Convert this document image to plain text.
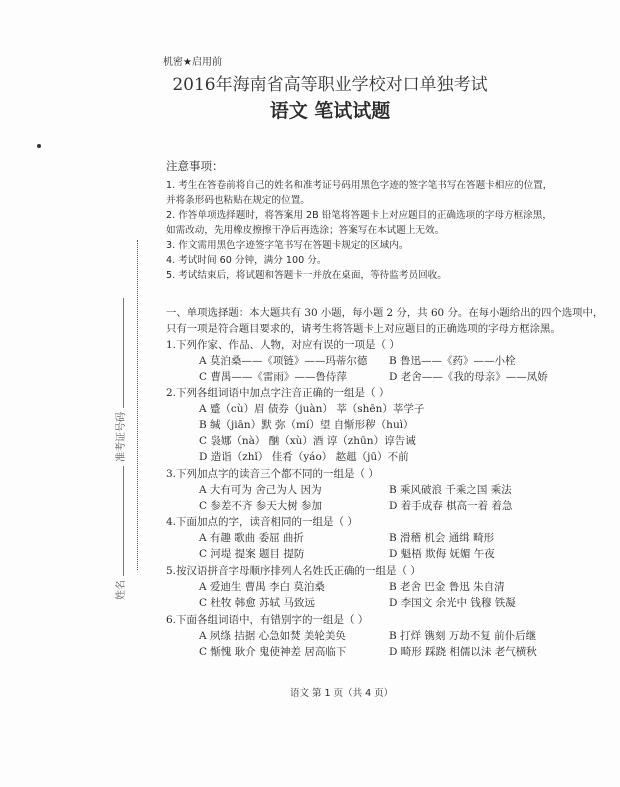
姓名准考证号码
机密★启用前
2016年海南省高等职业学校对口单独考试
语文 笔试试题
注意事项：
1. 考生在答卷前将自己的姓名和准考证号码用黑色字迹的签字笔书写在答题卡相应的位置，
并将条形码也粘贴在规定的位置。
2. 作答单项选择题时，将答案用 2B 铅笔将答题卡上对应题目的正确选项的字母方框涂黑，
如需改动，先用橡皮擦擦干净后再选涂；答案写在本试题上无效。
3. 作文需用黑色字迹签字笔书写在答题卡规定的区域内。
4. 考试时间 60 分钟，满分 100 分。
5. 考试结束后，将试题和答题卡一并放在桌面，等待监考员回收。
一、单项选择题：本大题共有 30 小题，每小题 2 分，共 60 分。在每小题给出的四个选项中，
只有一项是符合题目要求的，请考生将答题卡上对应题目的正确选项的字母方框涂黑。
1.下列作家、作品、人物，对应有误的一项是（ ）
A 莫泊桑——《项链》——玛蒂尔德 B 鲁迅——《药》——小栓
C 曹禺——《雷雨》——鲁侍萍	D 老舍——《我的母亲》——凤娇
2.下列各组词语中加点字注音正确的一组是（ ）
A 蹙（cù）眉 债券（juàn） 莘（shēn）莘学子
B 缄（jiān）默 弥（mí）望 自惭形秽（huì）
C 袅娜（nà） 酗（xù）酒 谆（zhūn）谆告诫
D 造诣（zhǐ） 佳肴（yáo） 趑趄（jū）不前
3.下列加点字的读音三个都不同的一组是（ ）
A 大有可为 舍己为人 因为	B 乘风破浪 千乘之国 乘法
C 参差不齐 参天大树 参加	D 着手成春 棋高一着 着急
4.下面加点的字，读音相同的一组是（ ）
A 有趣 歌曲 委屈 曲折	B 滑稽 机会 通缉 畸形
C 河堤 提案 题目 提防	D 魁梧 欺侮 妩媚 午夜
5.按汉语拼音字母顺序排列人名姓氏正确的一组是（ ）
A 爱迪生 曹禺 李白 莫泊桑	B 老舍 巴金 鲁迅 朱自清
C 杜牧 韩愈 苏轼 马致远	D 李国文 余光中 钱穆 铁凝
6.下面各组词语中，有错别字的一组是（ ）
A 夙绦 拮据 心急如焚 美轮美奂	B 打烊 镌刻 万劫不复 前仆后继
C 惭愧 耿介 鬼使神差 居高临下	D 畸形 踩跷 相儒以沫 老气横秋
语文 第 1 页（共 4 页）
